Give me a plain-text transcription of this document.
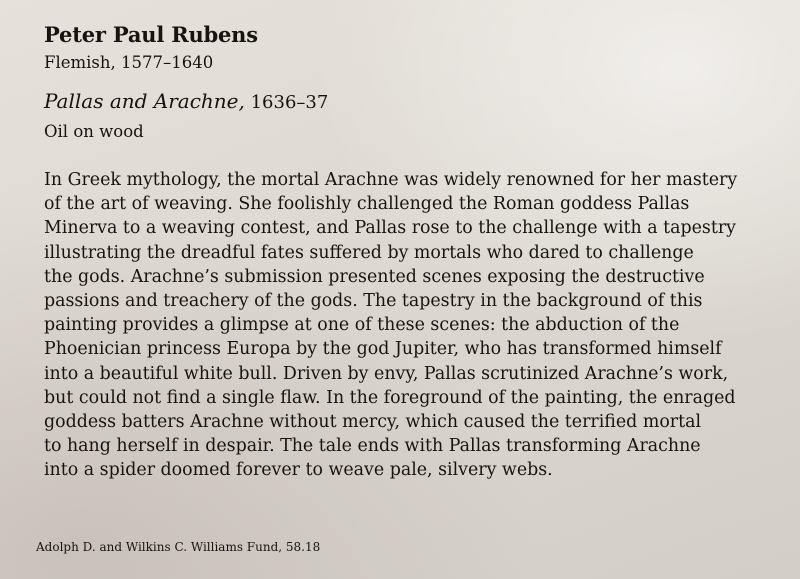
Peter Paul Rubens
Flemish, 1577–1640
Pallas and Arachne, 1636–37
Oil on wood
In Greek mythology, the mortal Arachne was widely renowned for her mastery
of the art of weaving. She foolishly challenged the Roman goddess Pallas
Minerva to a weaving contest, and Pallas rose to the challenge with a tapestry
illustrating the dreadful fates suffered by mortals who dared to challenge
the gods. Arachne’s submission presented scenes exposing the destructive
passions and treachery of the gods. The tapestry in the background of this
painting provides a glimpse at one of these scenes: the abduction of the
Phoenician princess Europa by the god Jupiter, who has transformed himself
into a beautiful white bull. Driven by envy, Pallas scrutinized Arachne’s work,
but could not find a single flaw. In the foreground of the painting, the enraged
goddess batters Arachne without mercy, which caused the terrified mortal
to hang herself in despair. The tale ends with Pallas transforming Arachne
into a spider doomed forever to weave pale, silvery webs.
Adolph D. and Wilkins C. Williams Fund, 58.18
